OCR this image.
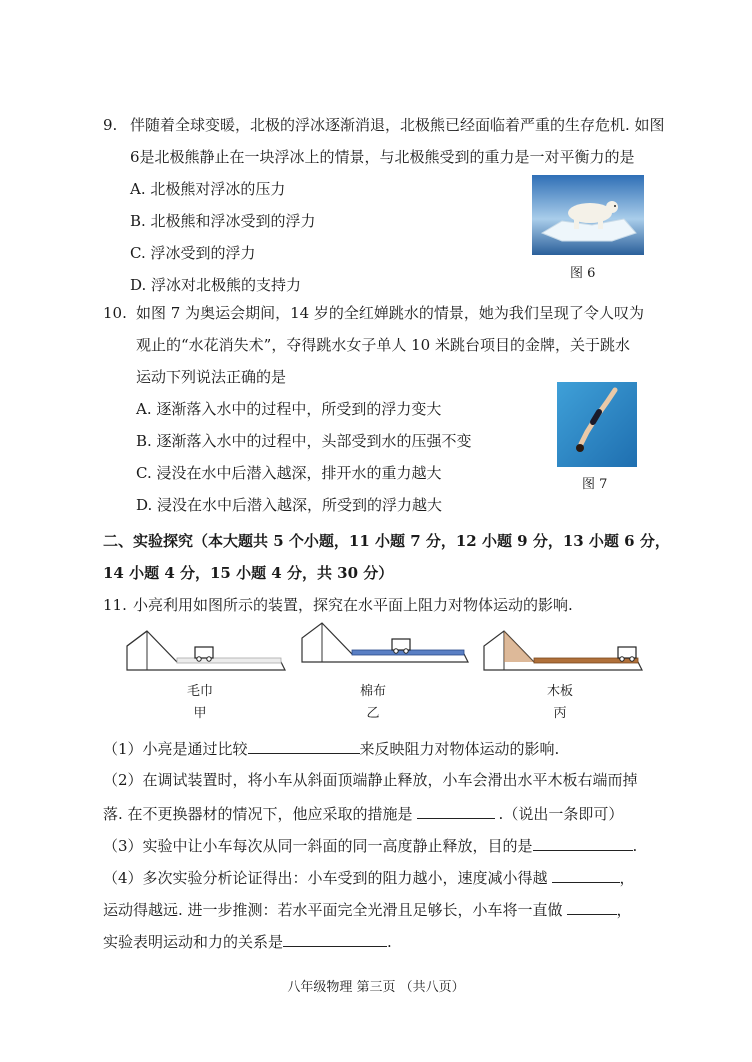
9. 伴随着全球变暖，北极的浮冰逐渐消退，北极熊已经面临着严重的生存危机. 如图
6是北极熊静止在一块浮冰上的情景，与北极熊受到的重力是一对平衡力的是
A. 北极熊对浮冰的压力
B. 北极熊和浮冰受到的浮力
C. 浮冰受到的浮力
D. 浮冰对北极熊的支持力
图 6
10. 如图 7 为奥运会期间，14 岁的全红婵跳水的情景，她为我们呈现了令人叹为
观止的“水花消失术”，夺得跳水女子单人 10 米跳台项目的金牌，关于跳水
运动下列说法正确的是
A. 逐渐落入水中的过程中，所受到的浮力变大
B. 逐渐落入水中的过程中，头部受到水的压强不变
C. 浸没在水中后潜入越深，排开水的重力越大
D. 浸没在水中后潜入越深，所受到的浮力越大
图 7
二、实验探究（本大题共 5 个小题，11 小题 7 分，12 小题 9 分，13 小题 6 分，
14 小题 4 分，15 小题 4 分，共 30 分）
11. 小亮利用如图所示的装置，探究在水平面上阻力对物体运动的影响.
毛巾
甲
棉布
乙
木板
丙
（1）小亮是通过比较	来反映阻力对物体运动的影响.
（2）在调试装置时，将小车从斜面顶端静止释放，小车会滑出水平木板右端而掉
落. 在不更换器材的情况下，他应采取的措施是	.（说出一条即可）
（3）实验中让小车每次从同一斜面的同一高度静止释放，目的是	.
（4）多次实验分析论证得出：小车受到的阻力越小，速度减小得越	，
运动得越远. 进一步推测：若水平面完全光滑且足够长，小车将一直做	，
实验表明运动和力的关系是	.
八年级物理 第三页 （共八页）
